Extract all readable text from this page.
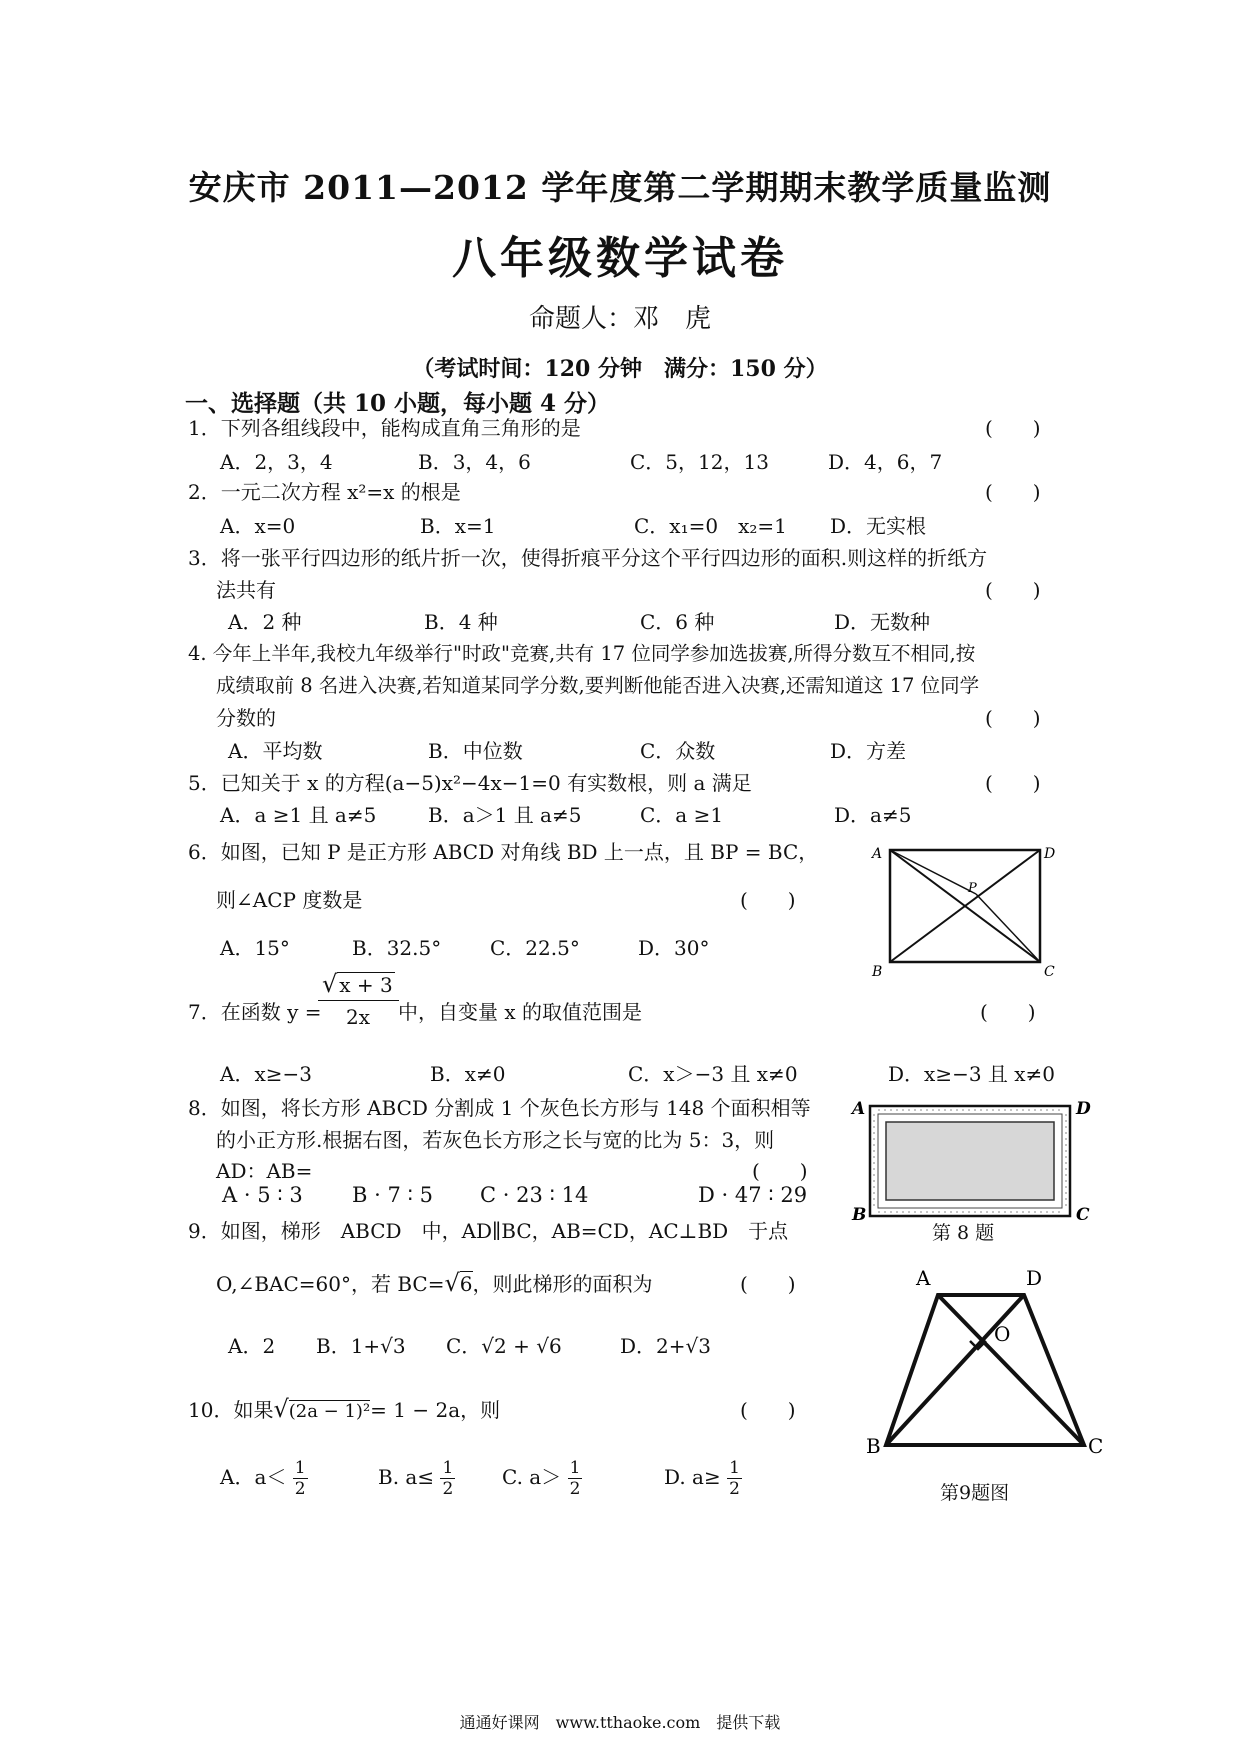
安庆市 2011—2012 学年度第二学期期末教学质量监测
八年级数学试卷
命题人：邓　虎
（考试时间：120 分钟　满分：150 分）
一、选择题（共 10 小题，每小题 4 分）
1．下列各组线段中，能构成直角三角形的是	(　　)
A．2，3，4	B．3，4，6	C．5，12，13	D．4，6，7
2．一元二次方程 x²=x 的根是	(　　)
A．x=0	B．x=1	C．x₁=0　x₂=1 D．无实根
3．将一张平行四边形的纸片折一次，使得折痕平分这个平行四边形的面积.则这样的折纸方
法共有	(　　)
A．2 种	B．4 种	C．6 种	D．无数种
4. 今年上半年,我校九年级举行"时政"竞赛,共有 17 位同学参加选拔赛,所得分数互不相同,按
成绩取前 8 名进入决赛,若知道某同学分数,要判断他能否进入决赛,还需知道这 17 位同学
分数的	(　　)
A．平均数	B．中位数	C．众数	D．方差
5．已知关于 x 的方程(a−5)x²−4x−1=0 有实数根，则 a 满足	(　　)
A．a ≥1 且 a≠5	B．a＞1 且 a≠5	C．a ≥1	D．a≠5
6．如图，已知 P 是正方形 ABCD 对角线 BD 上一点，且 BP = BC，
则∠ACP 度数是	(　　)
A．15°	B．32.5° C．22.5°	D．30°
A	D
B	C
P
7．在函数 y =
√ x + 3
2x	中，自变量 x 的取值范围是	(　　)
A．x≥−3	B．x≠0	C．x＞−3 且 x≠0	D．x≥−3 且 x≠0
8．如图，将长方形 ABCD 分割成 1 个灰色长方形与 148 个面积相等
的小正方形.根据右图，若灰色长方形之长与宽的比为 5：3，则
AD：AB=	(　　)
A · 5 ∶ 3 B · 7 ∶ 5 C · 23 ∶ 14	D · 47 ∶ 29
A	D
B	C
第 8 题
9．如图，梯形　ABCD　中，AD∥BC，AB=CD，AC⊥BD　于点
O,∠BAC=60°，若 BC=√6，则此梯形的面积为	(　　)
A．2 B．1+√3 C．√2 + √6	D．2+√3
A	D
B	C
O
第9题图
10．如果√(2a − 1)²= 1 − 2a，则	(　　)
A．$a< \frac{1}{2}$	B. $a\le \frac{1}{2} C$. $a> \frac{1}{2}$	D. $a\ge \frac{1}{2}$
通通好课网　www.tthaoke.com　提供下载
